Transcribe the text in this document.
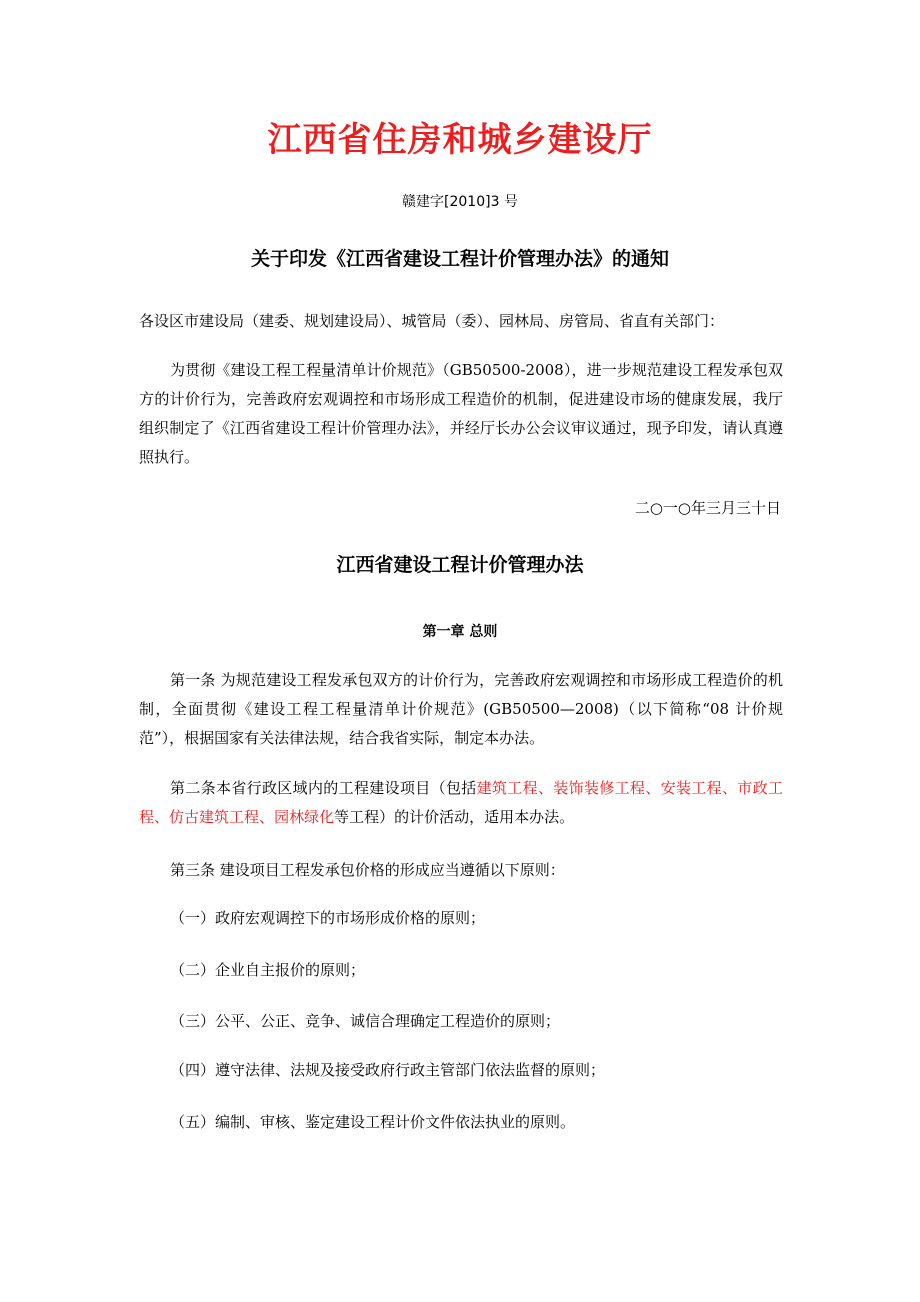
江西省住房和城乡建设厅
赣建字[2010]3 号
关于印发《江西省建设工程计价管理办法》的通知
各设区市建设局（建委、规划建设局）、城管局（委）、园林局、房管局、省直有关部门：
为贯彻《建设工程工程量清单计价规范》（GB50500-2008），进一步规范建设工程发承包双方的计价行为，完善政府宏观调控和市场形成工程造价的机制，促进建设市场的健康发展，我厅组织制定了《江西省建设工程计价管理办法》，并经厅长办公会议审议通过，现予印发，请认真遵照执行。
二○一○年三月三十日
江西省建设工程计价管理办法
第一章 总则
第一条 为规范建设工程发承包双方的计价行为，完善政府宏观调控和市场形成工程造价的机制，全面贯彻《建设工程工程量清单计价规范》(GB50500—2008)（以下简称“08 计价规范”），根据国家有关法律法规，结合我省实际，制定本办法。
第二条本省行政区域内的工程建设项目（包括建筑工程、装饰装修工程、安装工程、市政工程、仿古建筑工程、园林绿化等工程）的计价活动，适用本办法。
第三条 建设项目工程发承包价格的形成应当遵循以下原则：
（一）政府宏观调控下的市场形成价格的原则；
（二）企业自主报价的原则；
（三）公平、公正、竞争、诚信合理确定工程造价的原则；
（四）遵守法律、法规及接受政府行政主管部门依法监督的原则；
（五）编制、审核、鉴定建设工程计价文件依法执业的原则。
